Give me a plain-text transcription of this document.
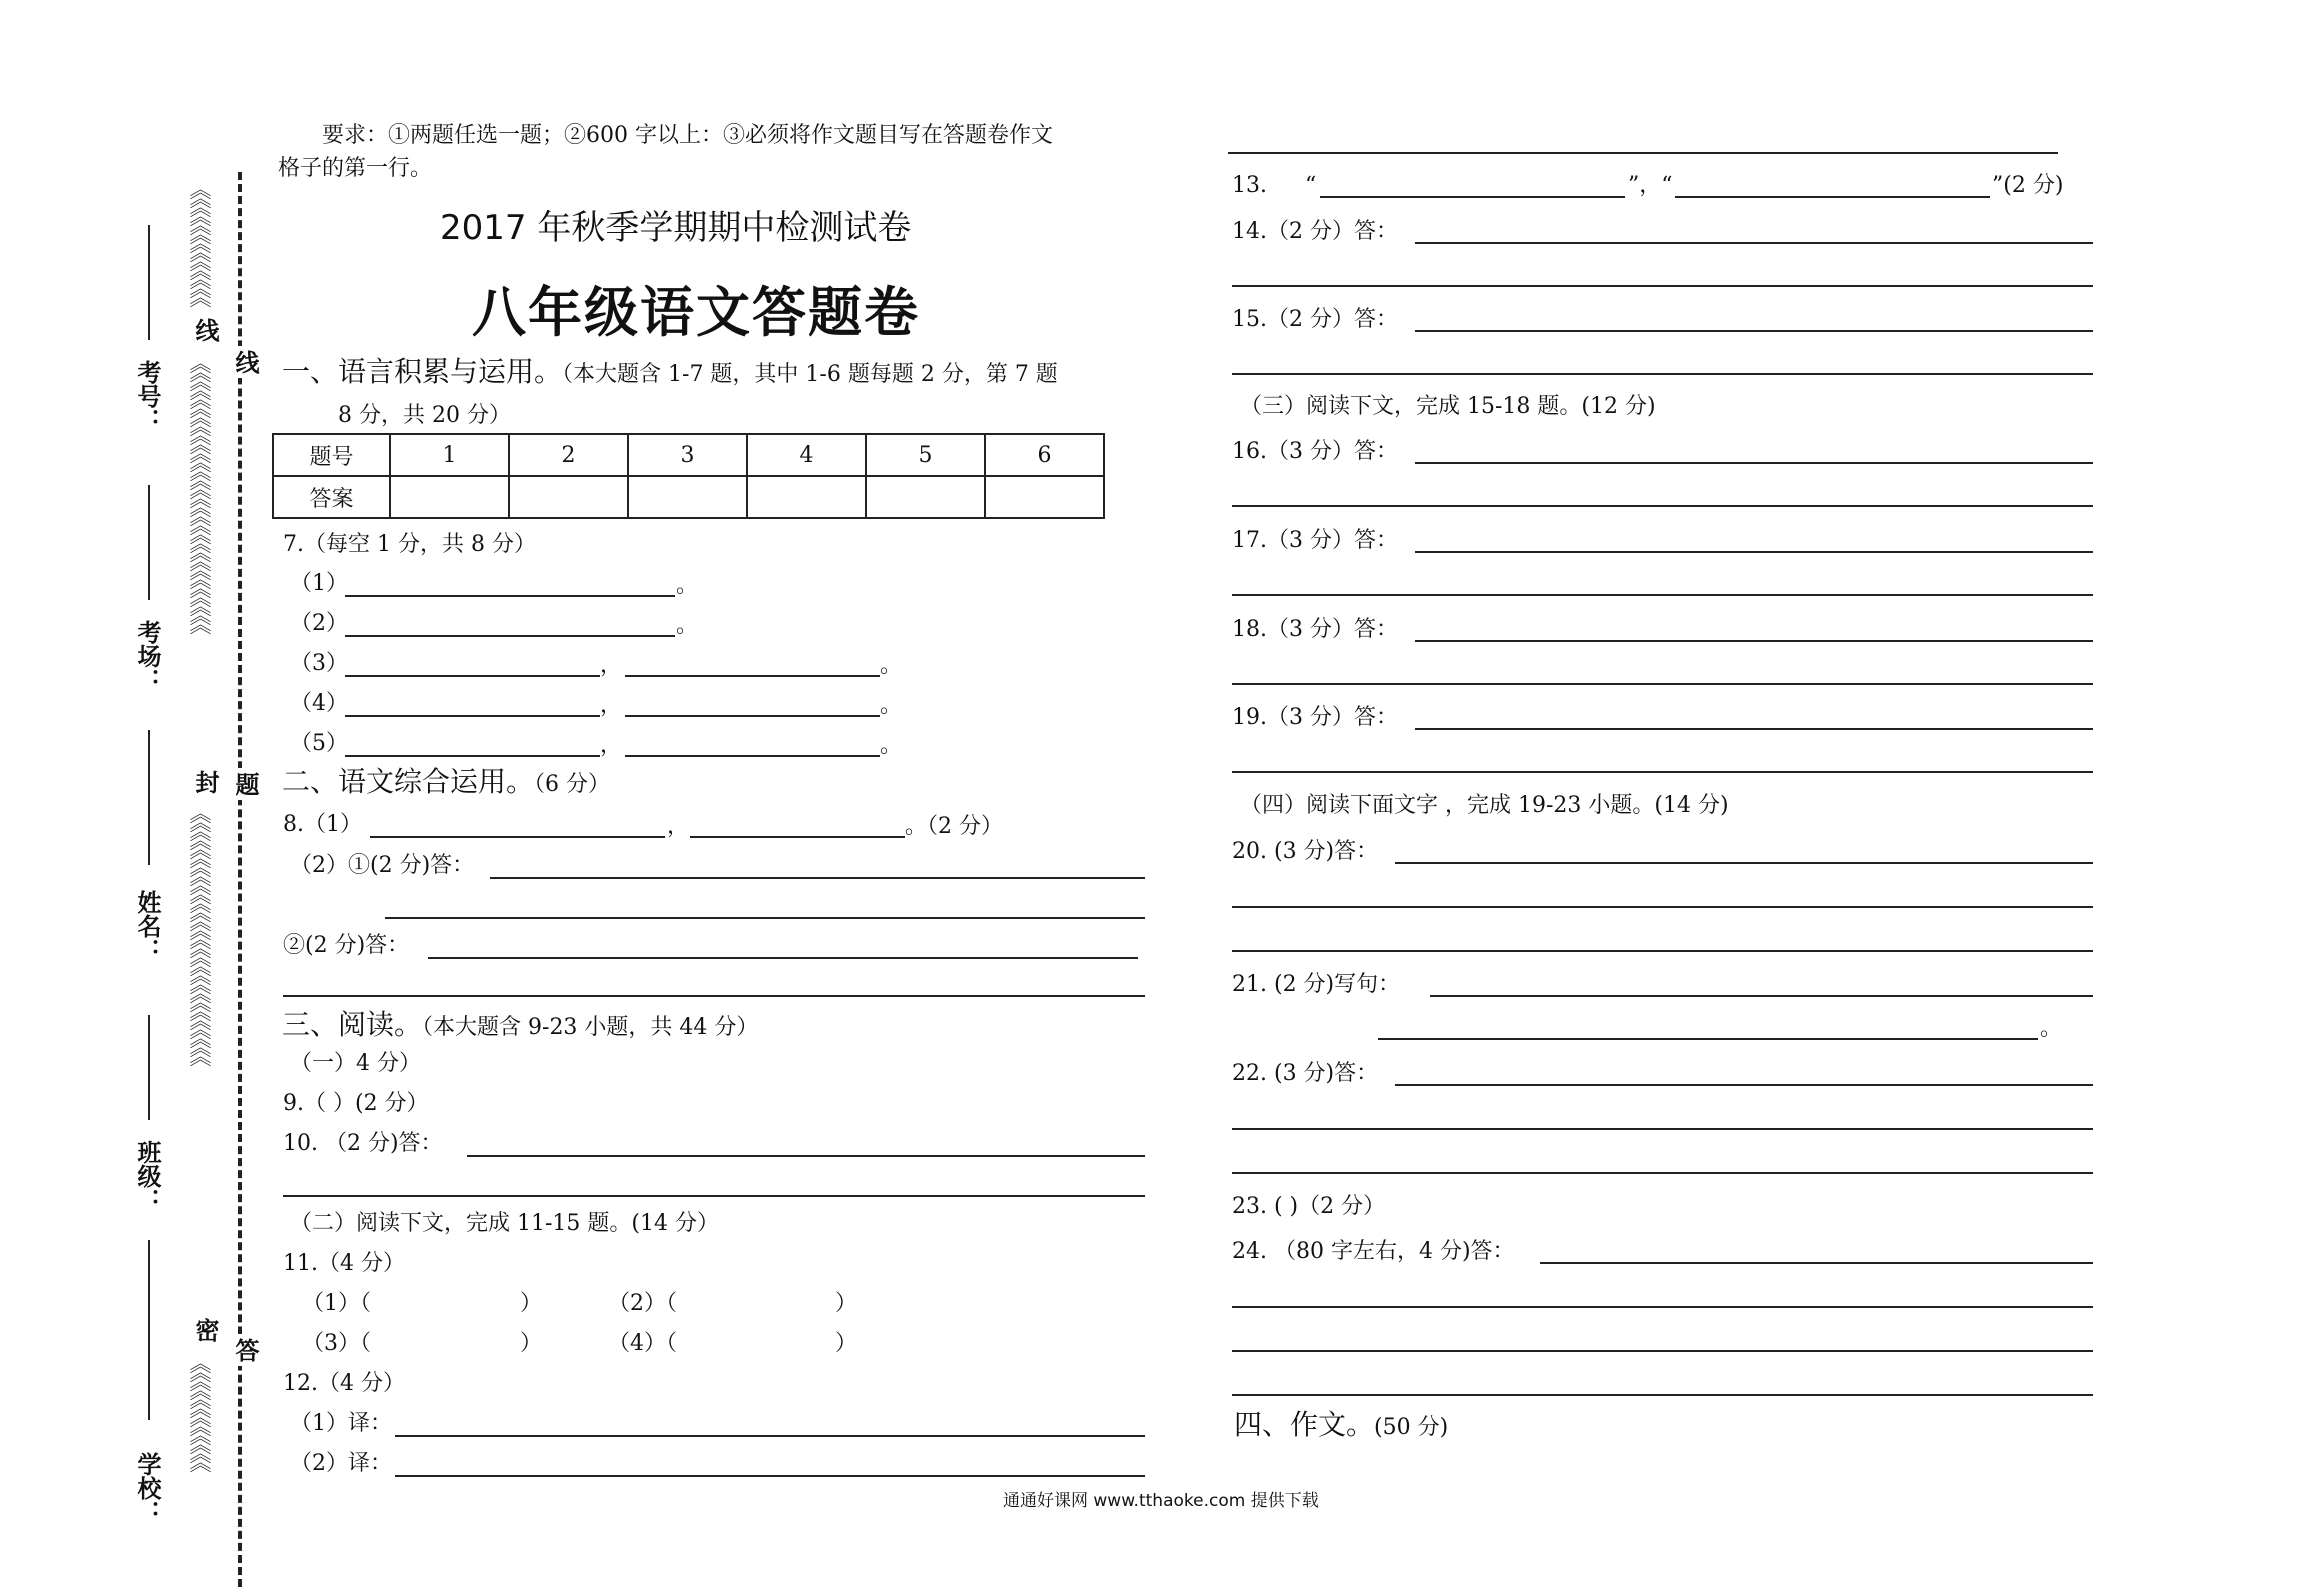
《《《《《《《《《《《《《
线
《《《《《《《《《《《《《《《《《《《《《《《《《《《《《《
封
《《《《《《《《《《《《《《《《《《《《《《《《《《《《
密
《《《《《《《《《《《《
考号：
考场：
姓名：
班级：
学校：
线
题
答
要求：①两题任选一题；②600 字以上：③必须将作文题目写在答题卷作文
格子的第一行。
2017 年秋季学期期中检测试卷
八年级语文答题卷
一、语言积累与运用。（本大题含 1-7 题，其中 1-6 题每题 2 分，第 7 题
8 分，共 20 分）
题号	1	2	3	4	5	6
答案						
7.（每空 1 分，共 8 分）
（1）	。
（2）	。
（3）	，	。
（4）	，	。
（5）	，	。
二、语文综合运用。（6 分）
8.（1）	，	。（2 分）
（2）①(2 分)答：
②(2 分)答：
三、阅读。（本大题含 9-23 小题，共 44 分）
（一）4 分）
9.（ ）(2 分）
10. （2 分)答：
（二）阅读下文，完成 11-15 题。(14 分）
11.（4 分）
（1）（	）	（2）（	）
（3）（	）	（4）（	）
12.（4 分）
（1）译：
（2）译：
13. “	”，“	”(2 分)
14.（2 分）答：
15.（2 分）答：
（三）阅读下文，完成 15-18 题。(12 分)
16.（3 分）答：
17.（3 分）答：
18.（3 分）答：
19.（3 分）答：
（四）阅读下面文字 ，完成 19-23 小题。(14 分)
20. (3 分)答：
21. (2 分)写句：
。
22. (3 分)答：
23. ( )（2 分）
24. （80 字左右，4 分)答：
四、作文。(50 分)
通通好课网 www.tthaoke.com 提供下载
